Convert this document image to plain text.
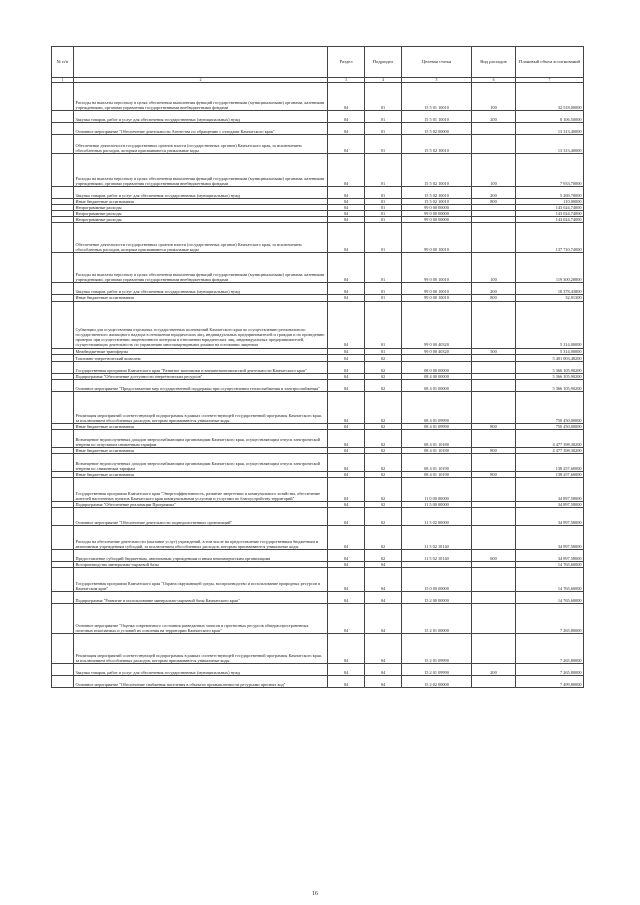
№ п/п		Раздел	Подраздел	Целевая статья	Вид расходов	Плановый объем ассигнований
1	2	3	4	5	6	7
	Расходы на выплаты персоналу в целях обеспечения выполнения функций государственными (муниципальными) органами, казенными учреждениями, органами управления государственными внебюджетными фондами	04	01	15 5 01 10010	100	32 518,00000
	Закупка товаров, работ и услуг для обеспечения государственных (муниципальных) нужд	04	01	15 5 01 10010	200	8 106,50000
	Основное мероприятие "Обеспечение деятельности Агентства по обращению с отходами Камчатского края"	04	01	15 5 02 00000		13 313,40000
	Обеспечение деятельности государственных органов власти (государственных органов) Камчатского края, за исключением обособленных расходов, которым присваиваются уникальные коды	04	01	15 5 02 10010		13 313,40000
	Расходы на выплаты персоналу в целях обеспечения выполнения функций государственными (муниципальными) органами, казенными учреждениями, органами управления государственными внебюджетными фондами	04	01	15 5 02 10010	100	7 933,70000
	Закупка товаров, работ и услуг для обеспечения государственных (муниципальных) нужд	04	01	15 5 02 10010	200	5 269,70000
	Иные бюджетные ассигнования	04	01	15 5 02 10010	800	110,00000
	Непрограммные расходы	04	01	99 0 00 00000		143 024,74000
	Непрограммные расходы	04	01	99 0 00 00000		143 024,74000
	Непрограммные расходы	04	01	99 0 00 00000		143 024,74000
	Обеспечение деятельности государственных органов власти (государственных органов) Камчатского края, за исключением обособленных расходов, которым присваиваются уникальные коды	04	01	99 0 00 10010		137 710,74000
	Расходы на выплаты персоналу в целях обеспечения выполнения функций государственными (муниципальными) органами, казенными учреждениями, органами управления государственными внебюджетными фондами	04	01	99 0 00 10010	100	119 300,28800
	Закупка товаров, работ и услуг для обеспечения государственных (муниципальных) нужд	04	01	99 0 00 10010	200	18 378,43800
	Иные бюджетные ассигнования	04	01	99 0 00 10010	800	32,01300
	Субвенции для осуществления отдельных государственных полномочий Камчатского края по осуществлению регионального государственного жилищного надзора в отношении юридических лиц, индивидуальных предпринимателей и граждан и по проведению проверок при осуществлении лицензионного контроля в отношении юридических лиц, индивидуальных предпринимателей, осуществляющих деятельность по управлению многоквартирными домами на основании лицензии	04	01	99 0 00 40320		5 314,00000
	Межбюджетные трансферты	04	01	99 0 00 40320	500	5 314,00000
	Топливно-энергетический комплекс	04	02			5 401 003,48200
	Государственная программа Камчатского края "Развитие экономики и внешнеэкономической деятельности Камчатского края"	04	02	08 0 00 00000		5 366 105,90200
	Подпрограмма "Обеспечение доступности энергетических ресурсов"	04	02	08 4 00 00000		5 366 105,90200
	Основное мероприятие "Предоставление мер государственной поддержки при осуществлении теплоснабжения и электроснабжения"	04	02	08 4 01 00000		5 366 105,90200
	Реализация мероприятий соответствующей подпрограммы в рамках соответствующей государственной программы Камчатского края, за исключением обособленных расходов, которым присваиваются уникальные коды	04	02	08 4 01 09990		750 450,00000
	Иные бюджетные ассигнования	04	02	08 4 01 09990	800	750 450,00000
	Возмещение недополученных доходов энергоснабжающим организациям Камчатского края, осуществляющим отпуск электрической энергии по отпускным сниженным тарифам	04	02	08 4 01 10180		4 477 398,30200
	Иные бюджетные ассигнования	04	02	08 4 01 10180	800	4 477 398,30200
	Возмещение недополученных доходов энергоснабжающим организациям Камчатского края, осуществляющим отпуск электрической энергии по сниженным тарифам	04	02	08 4 01 10190		138 257,60000
	Иные бюджетные ассигнования	04	02	08 4 01 10190	800	138 257,60000
	Государственная программа Камчатского края "Энергоэффективность, развитие энергетики и коммунального хозяйства, обеспечение жителей населенных пунктов Камчатского края коммунальными услугами и услугами по благоустройству территорий"	04	02	11 0 00 00000		34 897,58000
	Подпрограмма "Обеспечение реализации Программы"	04	02	11 5 00 00000		34 897,58000
	Основное мероприятие "Обеспечение деятельности подведомственных организаций"	04	02	11 5 02 00000		34 897,58000
	Расходы на обеспечение деятельности (оказание услуг) учреждений, в том числе на предоставление государственным бюджетным и автономным учреждениям субсидий, за исключением обособленных расходов, которым присваиваются уникальные коды	04	02	11 5 02 10140		34 897,58000
	Предоставление субсидий бюджетным, автономным учреждениям и иным некоммерческим организациям	04	02	11 5 02 10140	600	34 897,58000
	Воспроизводство минерально-сырьевой базы	04	04			14 765,60000
	Государственная программа Камчатского края "Охрана окружающей среды, воспроизводство и использование природных ресурсов в Камчатском крае"	04	04	15 0 00 00000		14 765,60000
	Подпрограмма "Развитие и использование минерально-сырьевой базы Камчатского края"	04	04	15 2 00 00000		14 765,60000
	Основное мероприятие "Оценка современного состояния разведанных запасов и прогнозных ресурсов общераспространенных полезных ископаемых и условий их освоения на территории Камчатского края"	04	04	15 2 01 00000		7 265,80000
	Реализация мероприятий соответствующей подпрограммы в рамках соответствующей государственной программы Камчатского края, за исключением обособленных расходов, которым присваиваются уникальные коды	04	04	15 2 01 09990		7 265,80000
	Закупка товаров, работ и услуг для обеспечения государственных (муниципальных) нужд	04	04	15 2 01 09990	200	7 265,80000
	Основное мероприятие "Обеспечение снабжения населения в объектах промышленности ресурсами пресных вод"	04	04	15 2 02 00000		7 499,80000
16
